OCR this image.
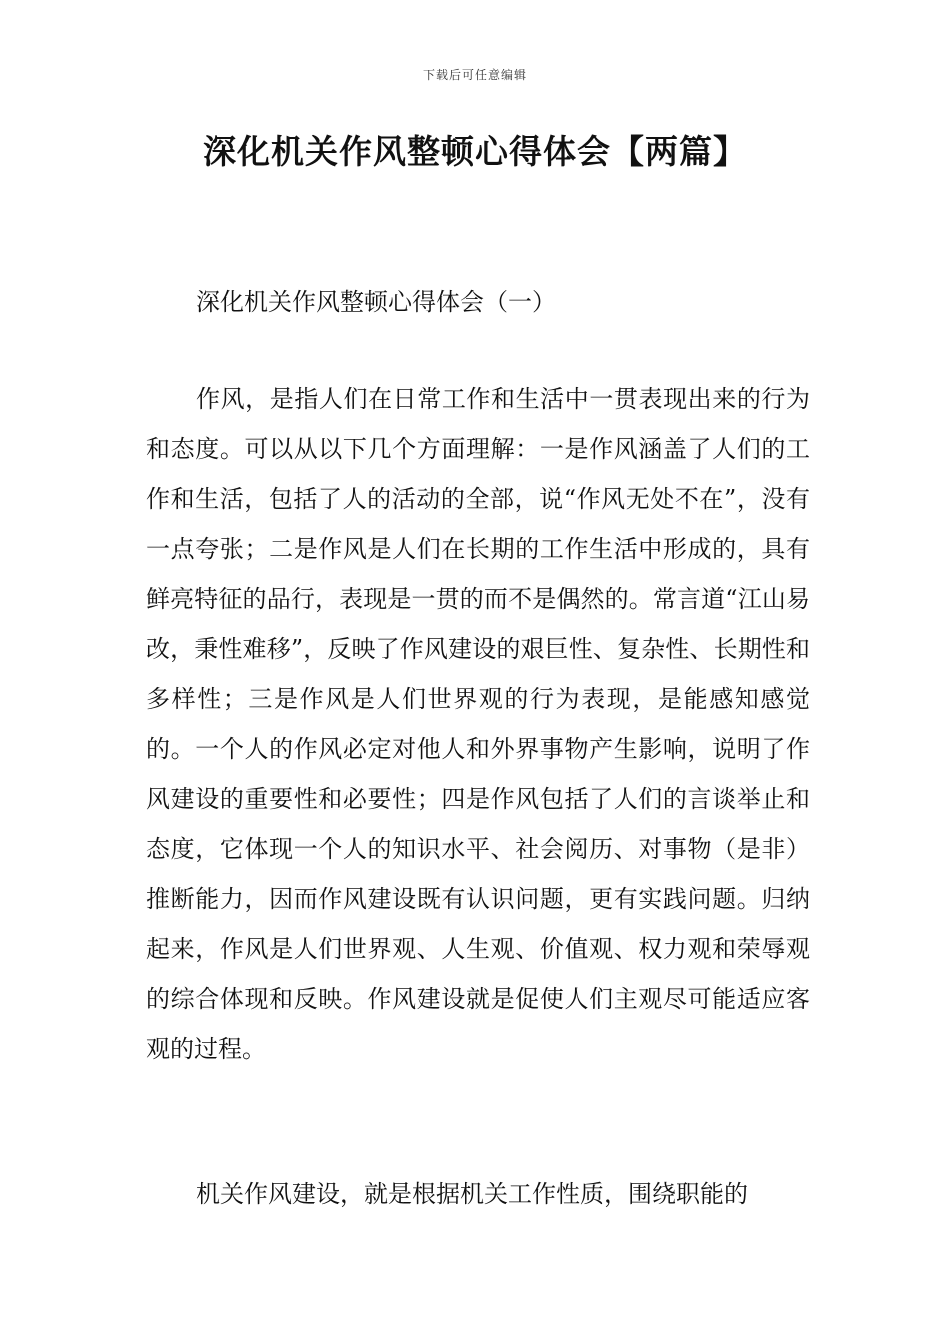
下载后可任意编辑
深化机关作风整顿心得体会【两篇】
深化机关作风整顿心得体会（一）

作风，是指人们在日常工作和生活中一贯表现出来的行为和态度。可以从以下几个方面理解：一是作风涵盖了人们的工作和生活，包括了人的活动的全部，说“作风无处不在”，没有一点夸张；二是作风是人们在长期的工作生活中形成的，具有鲜亮特征的品行，表现是一贯的而不是偶然的。常言道“江山易改，秉性难移”，反映了作风建设的艰巨性、复杂性、长期性和多样性；三是作风是人们世界观的行为表现，是能感知感觉的。一个人的作风必定对他人和外界事物产生影响，说明了作风建设的重要性和必要性；四是作风包括了人们的言谈举止和态度，它体现一个人的知识水平、社会阅历、对事物（是非）推断能力，因而作风建设既有认识问题，更有实践问题。归纳起来，作风是人们世界观、人生观、价值观、权力观和荣辱观的综合体现和反映。作风建设就是促使人们主观尽可能适应客观的过程。

机关作风建设，就是根据机关工作性质，围绕职能的
